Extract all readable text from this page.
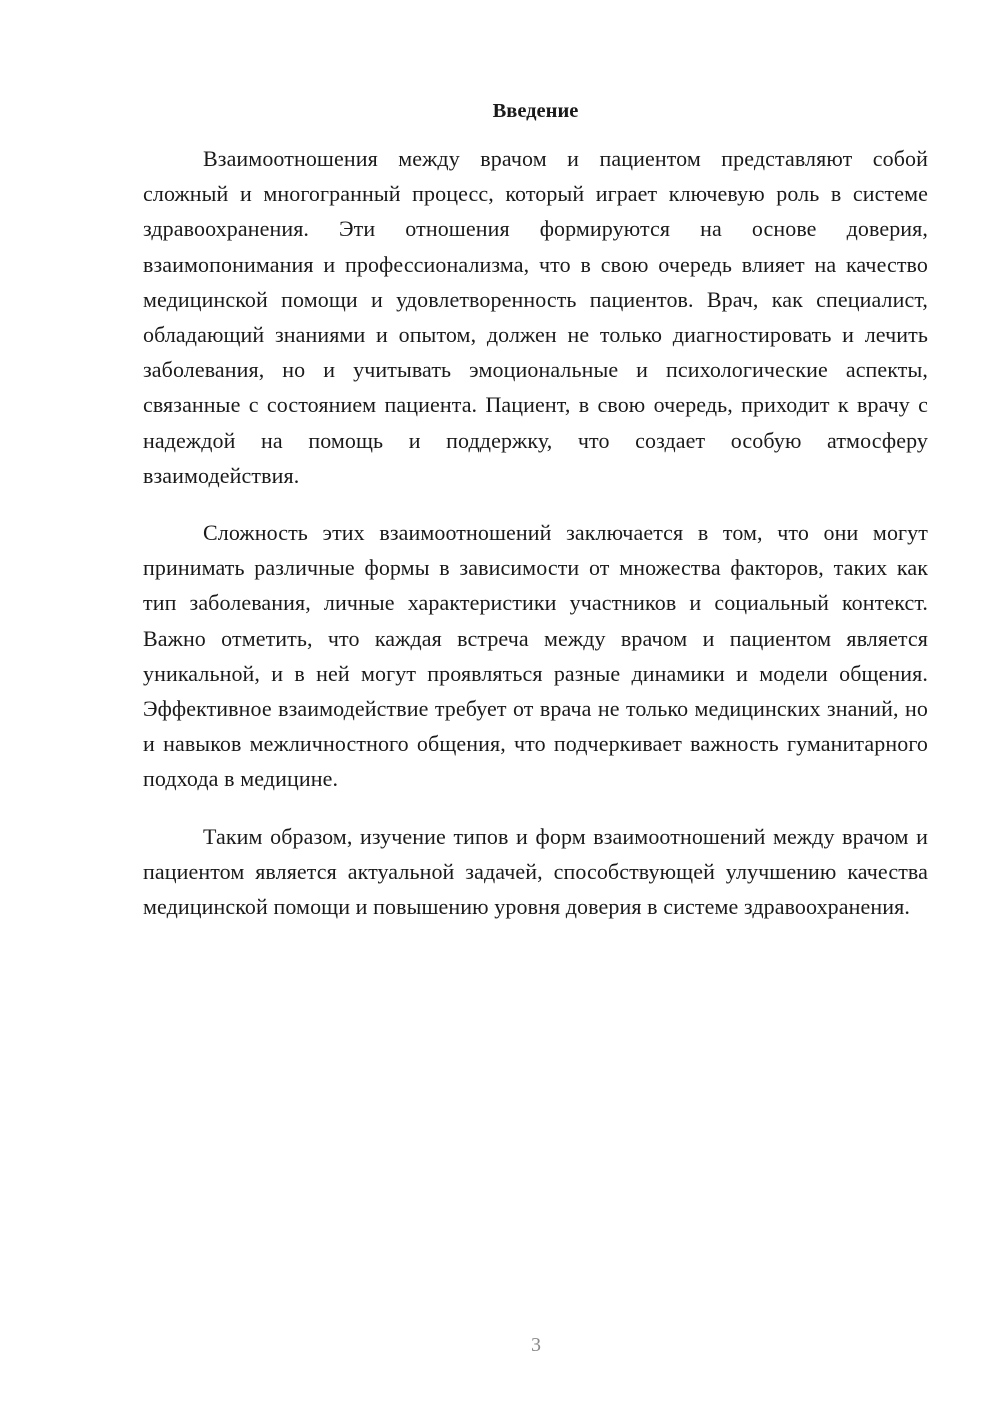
Введение

Взаимоотношения между врачом и пациентом представляют собой сложный и многогранный процесс, который играет ключевую роль в системе здравоохранения. Эти отношения формируются на основе доверия, взаимопонимания и профессионализма, что в свою очередь влияет на качество медицинской помощи и удовлетворенность пациентов. Врач, как специалист, обладающий знаниями и опытом, должен не только диагностировать и лечить заболевания, но и учитывать эмоциональные и психологические аспекты, связанные с состоянием пациента. Пациент, в свою очередь, приходит к врачу с надеждой на помощь и поддержку, что создает особую атмосферу взаимодействия.

Сложность этих взаимоотношений заключается в том, что они могут принимать различные формы в зависимости от множества факторов, таких как тип заболевания, личные характеристики участников и социальный контекст. Важно отметить, что каждая встреча между врачом и пациентом является уникальной, и в ней могут проявляться разные динамики и модели общения. Эффективное взаимодействие требует от врача не только медицинских знаний, но и навыков межличностного общения, что подчеркивает важность гуманитарного подхода в медицине.

Таким образом, изучение типов и форм взаимоотношений между врачом и пациентом является актуальной задачей, способствующей улучшению качества медицинской помощи и повышению уровня доверия в системе здравоохранения.

3
